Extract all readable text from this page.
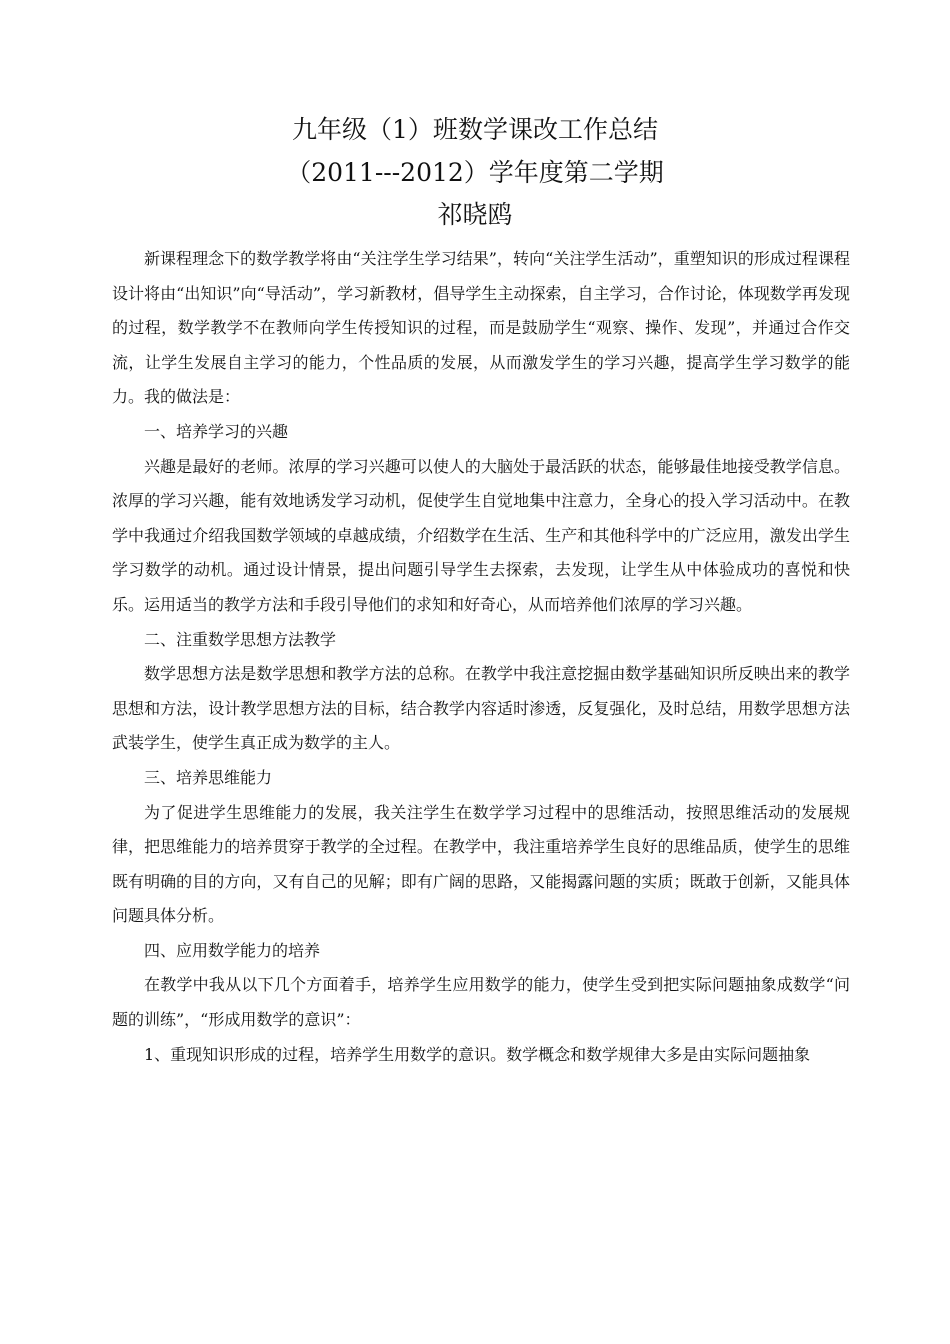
九年级（1）班数学课改工作总结
（2011---2012）学年度第二学期
祁晓鸥

新课程理念下的数学教学将由“关注学生学习结果”，转向“关注学生活动”，重塑知识的形成过程课程设计将由“出知识”向“导活动”，学习新教材，倡导学生主动探索，自主学习，合作讨论，体现数学再发现的过程，数学教学不在教师向学生传授知识的过程，而是鼓励学生“观察、操作、发现”，并通过合作交流，让学生发展自主学习的能力，个性品质的发展，从而激发学生的学习兴趣，提高学生学习数学的能力。我的做法是：

一、培养学习的兴趣

兴趣是最好的老师。浓厚的学习兴趣可以使人的大脑处于最活跃的状态，能够最佳地接受教学信息。浓厚的学习兴趣，能有效地诱发学习动机，促使学生自觉地集中注意力，全身心的投入学习活动中。在教学中我通过介绍我国数学领域的卓越成绩，介绍数学在生活、生产和其他科学中的广泛应用，激发出学生学习数学的动机。通过设计情景，提出问题引导学生去探索，去发现，让学生从中体验成功的喜悦和快乐。运用适当的教学方法和手段引导他们的求知和好奇心，从而培养他们浓厚的学习兴趣。

二、注重数学思想方法教学

数学思想方法是数学思想和教学方法的总称。在教学中我注意挖掘由数学基础知识所反映出来的教学思想和方法，设计教学思想方法的目标，结合教学内容适时渗透，反复强化，及时总结，用数学思想方法武装学生，使学生真正成为数学的主人。

三、培养思维能力

为了促进学生思维能力的发展，我关注学生在数学学习过程中的思维活动，按照思维活动的发展规律，把思维能力的培养贯穿于教学的全过程。在教学中，我注重培养学生良好的思维品质，使学生的思维既有明确的目的方向，又有自己的见解；即有广阔的思路，又能揭露问题的实质；既敢于创新，又能具体问题具体分析。

四、应用数学能力的培养

在教学中我从以下几个方面着手，培养学生应用数学的能力，使学生受到把实际问题抽象成数学“问题的训练”，“形成用数学的意识”：

1、重现知识形成的过程，培养学生用数学的意识。数学概念和数学规律大多是由实际问题抽象
